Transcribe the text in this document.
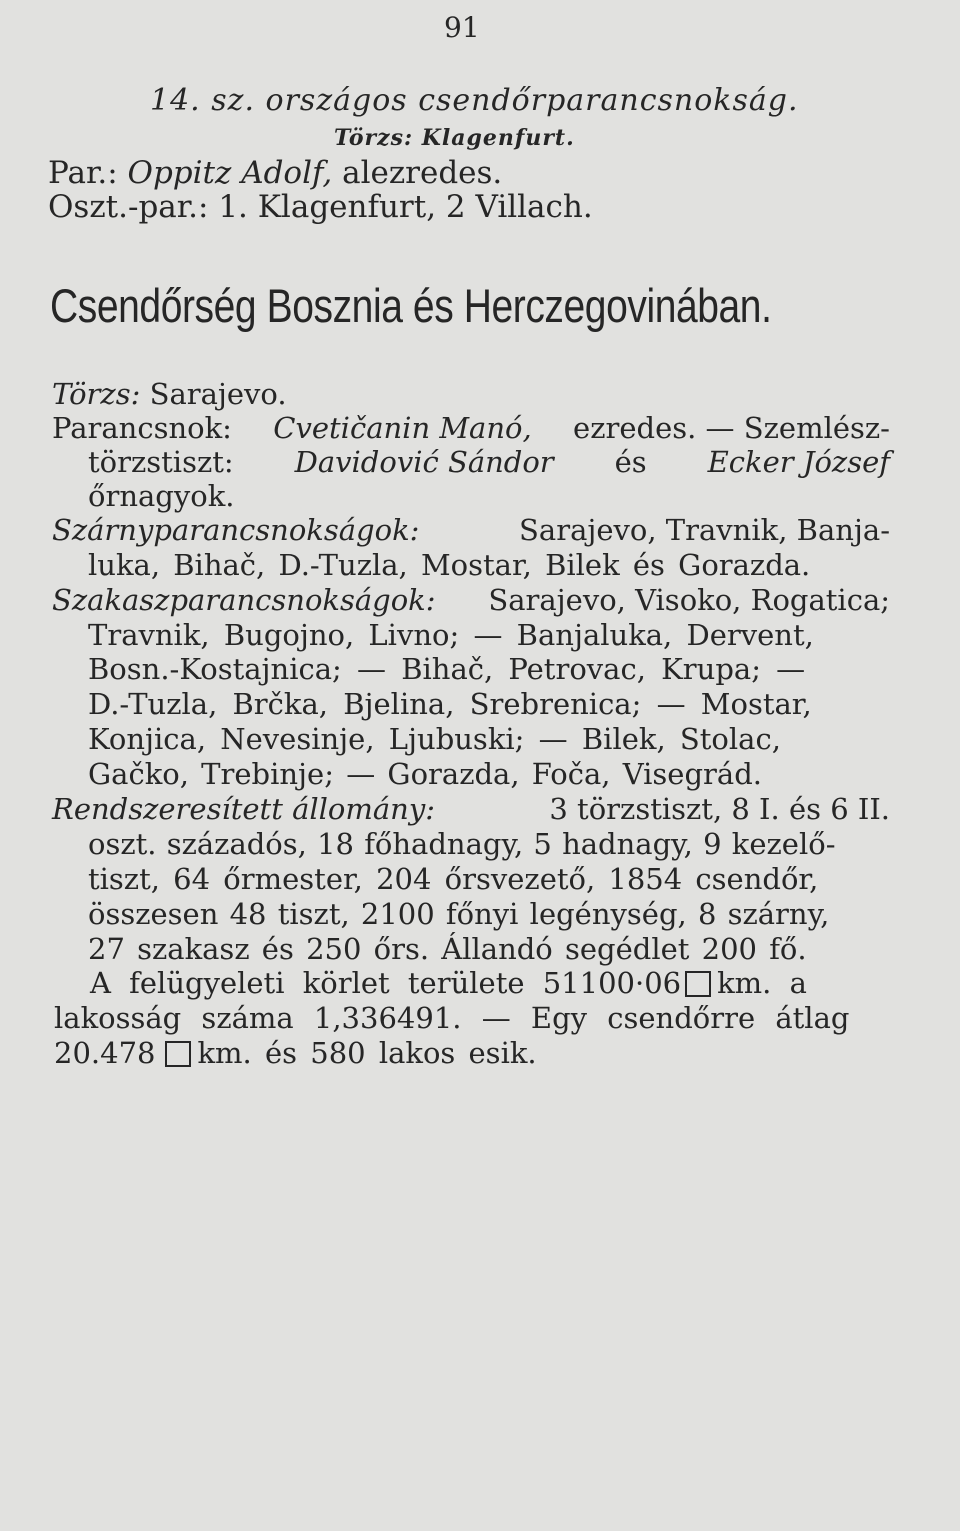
91
14. sz. országos csendőrparancsnokság.
Törzs: Klagenfurt.
Par.: Oppitz Adolf, alezredes.
Oszt.-par.: 1. Klagenfurt, 2 Villach.
Csendőrség Bosznia és Herczegovinában.
Törzs: Sarajevo.
Parancsnok: Cvetičanin Manó, ezredes. — Szemlész-
törzstiszt: Davidović Sándor és Ecker József
őrnagyok.
Szárnyparancsnokságok:	Sarajevo, Travnik, Banja-
luka, Bihač, D.-Tuzla, Mostar, Bilek és Gorazda.
Szakaszparancsnokságok: Sarajevo, Visoko, Rogatica;
Travnik, Bugojno, Livno; — Banjaluka, Dervent,
Bosn.-Kostajnica; — Bihač, Petrovac, Krupa; —
D.-Tuzla, Brčka, Bjelina, Srebrenica; — Mostar,
Konjica, Nevesinje, Ljubuski; — Bilek, Stolac,
Gačko, Trebinje; — Gorazda, Foča, Visegrád.
Rendszeresített állomány:	3 törzstiszt, 8 I. és 6 II.
oszt. századós, 18 főhadnagy, 5 hadnagy, 9 kezelő-
tiszt, 64 őrmester, 204 őrsvezető, 1854 csendőr,
összesen 48 tiszt, 2100 főnyi legénység, 8 szárny,
27 szakasz és 250 őrs. Állandó segédlet 200 fő.
A felügyeleti körlet területe 51100·06 km. a
lakosság száma 1,336491. — Egy csendőrre átlag
20.478 km. és 580 lakos esik.
